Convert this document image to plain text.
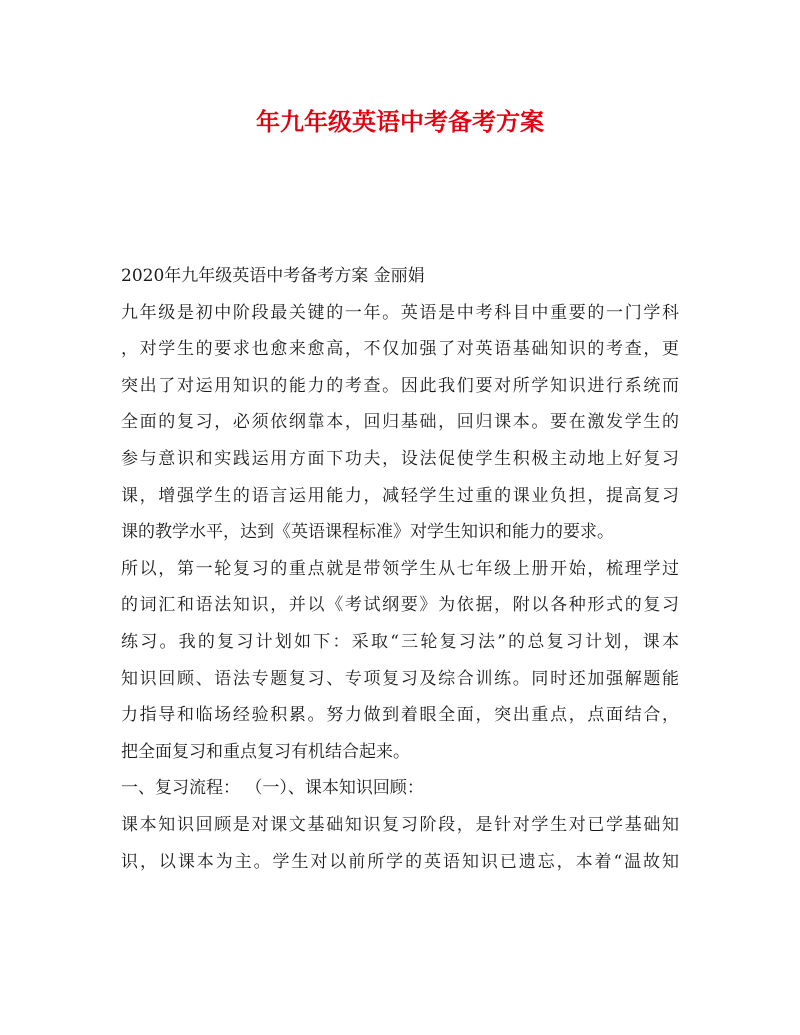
年九年级英语中考备考方案
2020年九年级英语中考备考方案 金丽娟
九年级是初中阶段最关键的一年。英语是中考科目中重要的一门学科
，对学生的要求也愈来愈高，不仅加强了对英语基础知识的考查，更
突出了对运用知识的能力的考查。因此我们要对所学知识进行系统而
全面的复习，必须依纲靠本，回归基础，回归课本。要在激发学生的
参与意识和实践运用方面下功夫，设法促使学生积极主动地上好复习
课，增强学生的语言运用能力，减轻学生过重的课业负担，提高复习
课的教学水平，达到《英语课程标准》对学生知识和能力的要求。
所以，第一轮复习的重点就是带领学生从七年级上册开始，梳理学过
的词汇和语法知识，并以《考试纲要》为依据，附以各种形式的复习
练习。我的复习计划如下：采取“三轮复习法”的总复习计划，课本
知识回顾、语法专题复习、专项复习及综合训练。同时还加强解题能
力指导和临场经验积累。努力做到着眼全面，突出重点，点面结合，
把全面复习和重点复习有机结合起来。
一、复习流程： （一）、课本知识回顾：
课本知识回顾是对课文基础知识复习阶段，是针对学生对已学基础知
识，以课本为主。学生对以前所学的英语知识已遗忘，本着“温故知
